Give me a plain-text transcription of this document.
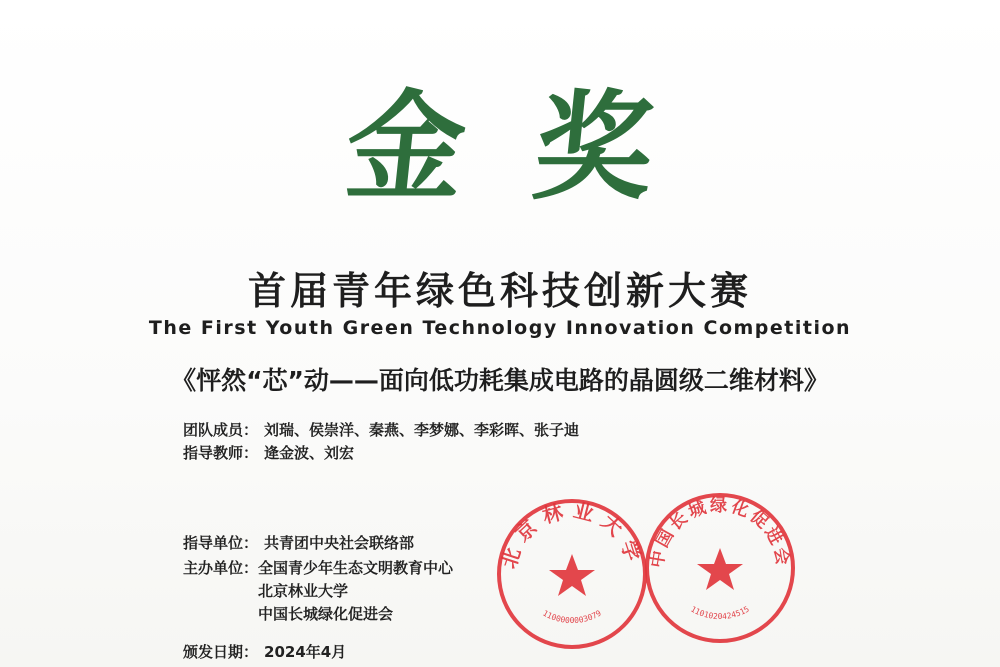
金奖
首届青年绿色科技创新大赛
The First Youth Green Technology Innovation Competition
《怦然“芯”动——面向低功耗集成电路的晶圆级二维材料》
团队成员： 刘瑞、侯崇洋、秦燕、李梦娜、李彩晖、张子迪
指导教师： 逄金波、刘宏
指导单位： 共青团中央社会联络部
主办单位： 全国青少年生态文明教育中心
北京林业大学
中国长城绿化促进会
颁发日期： 2024年4月
北京林业大学
1100000003079
中国长城绿化促进会
1101020424515
